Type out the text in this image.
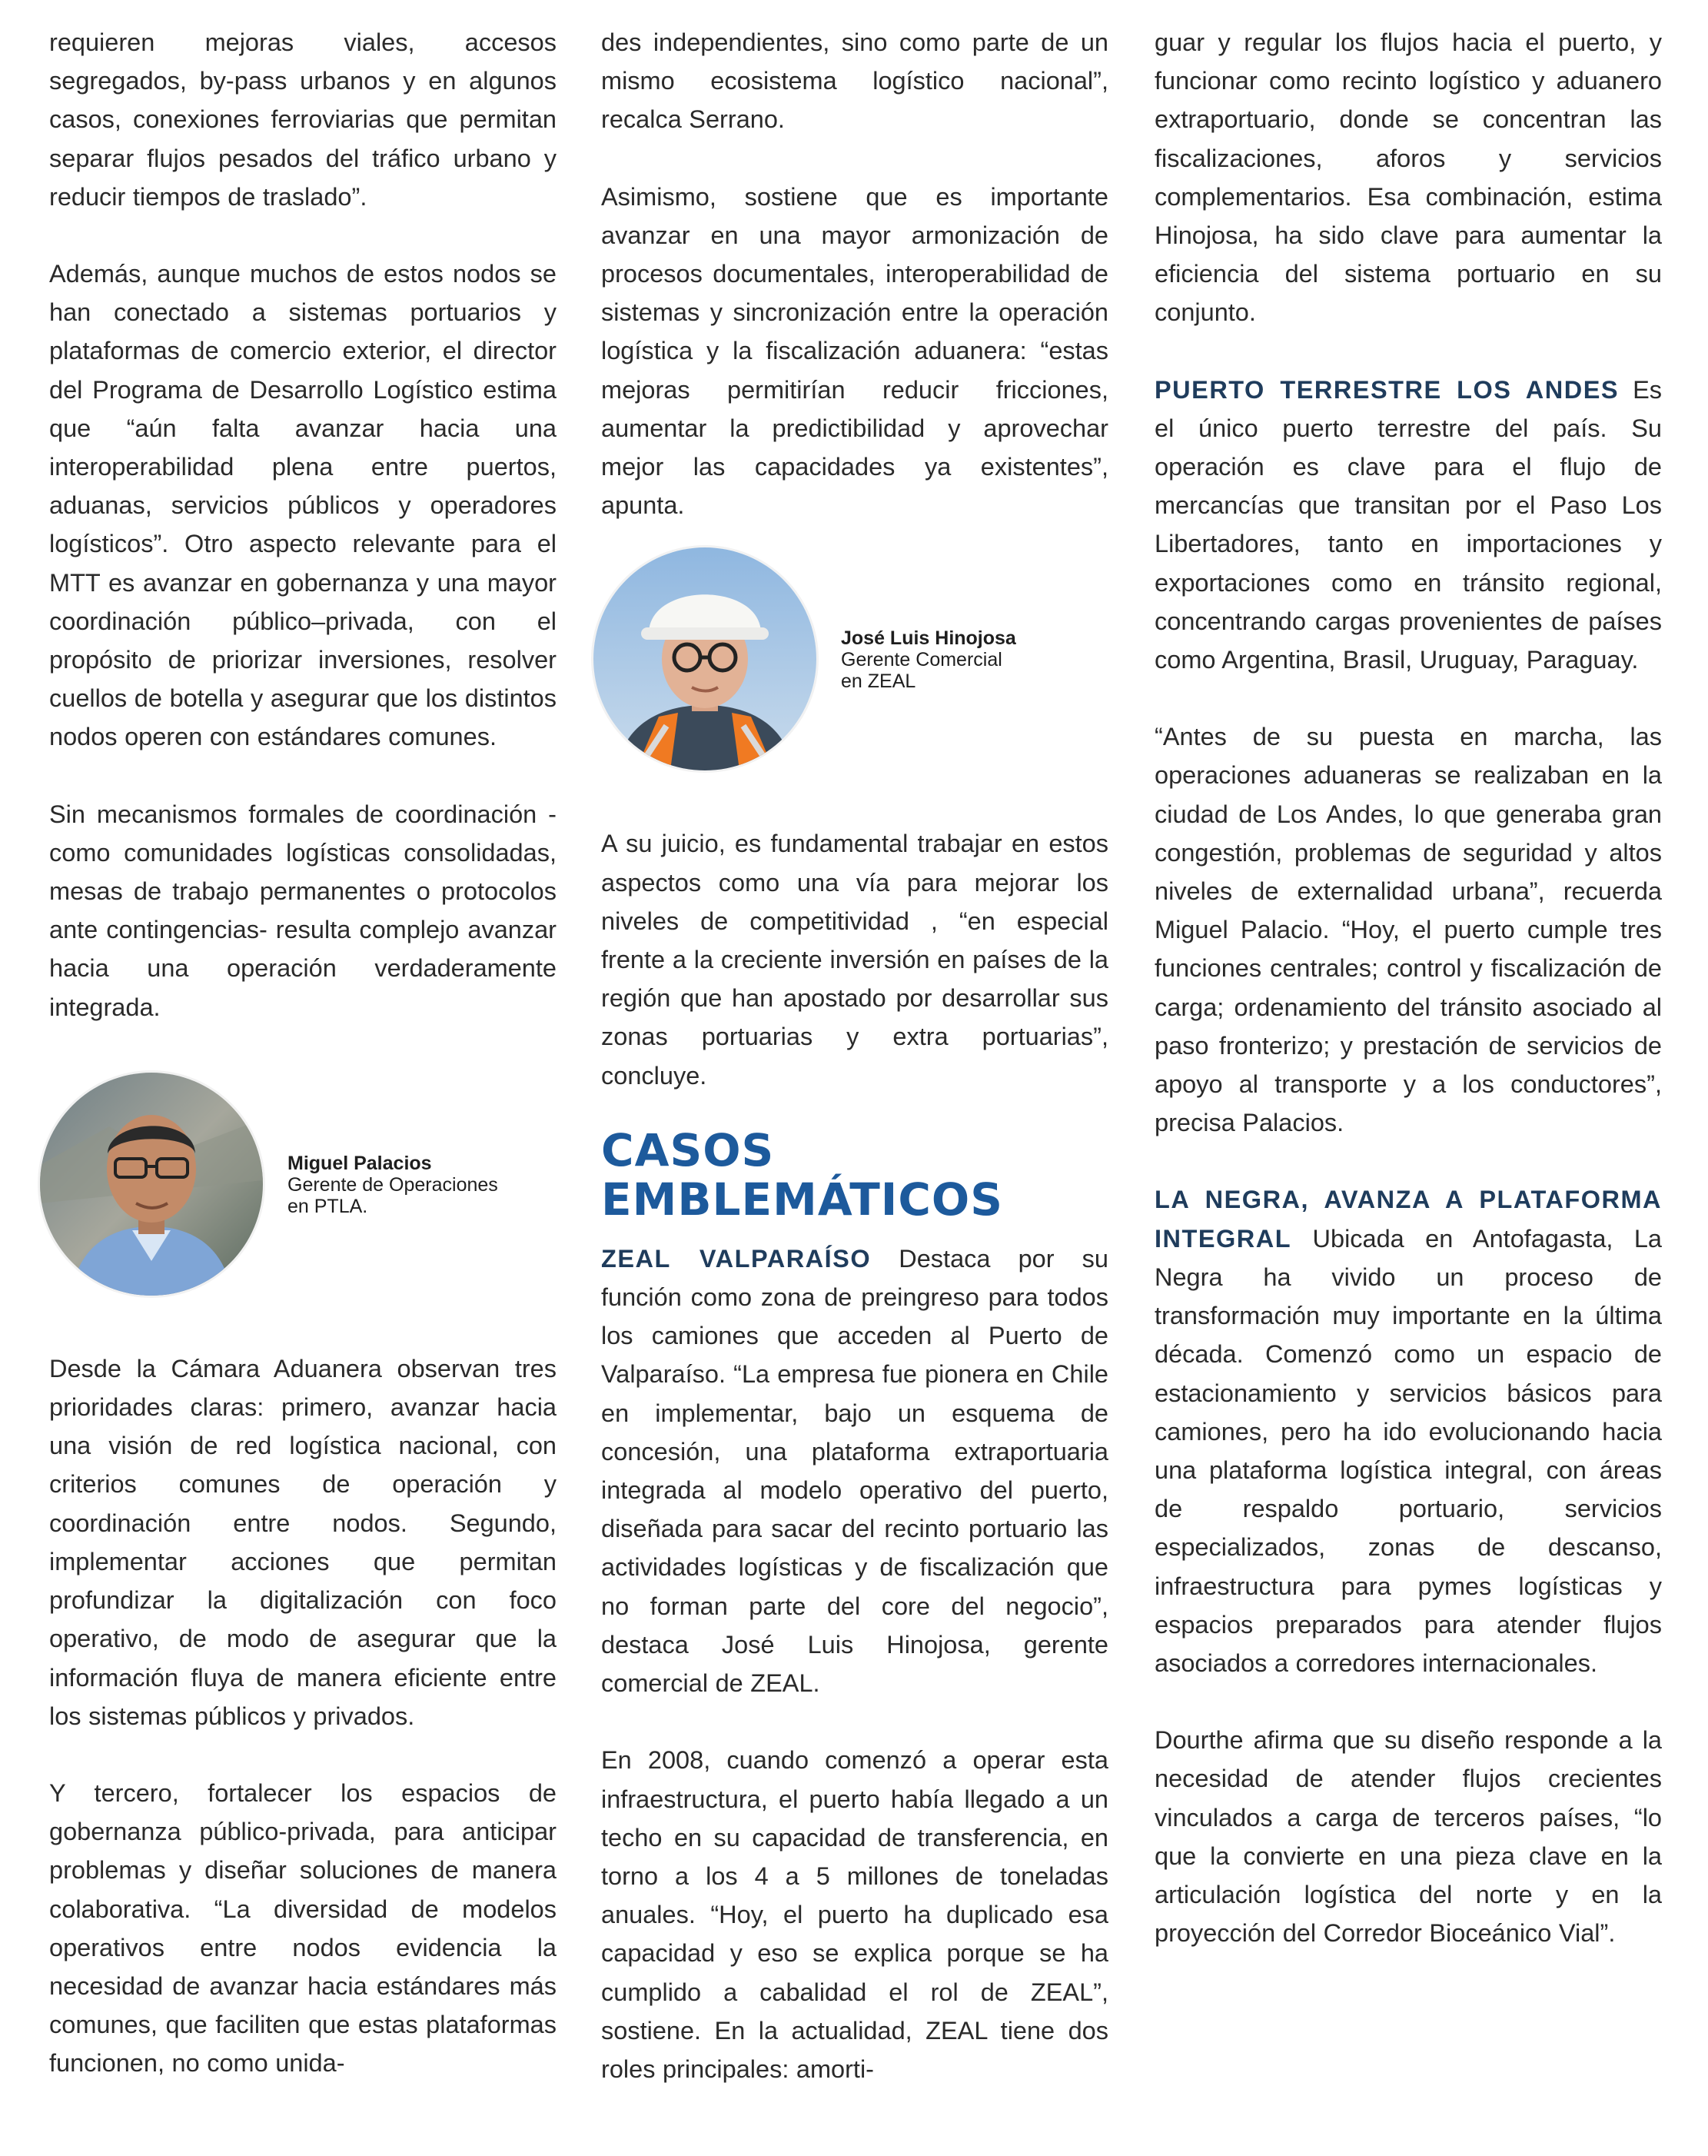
requieren mejoras viales, accesos segregados, by-pass urbanos y en algunos casos, conexiones ferroviarias que permitan separar flujos pesados del tráfico urbano y reducir tiempos de traslado”.

Además, aunque muchos de estos nodos se han conectado a sistemas portuarios y plataformas de comercio exterior, el director del Programa de Desarrollo Logístico estima que “aún falta avanzar hacia una interoperabilidad plena entre puertos, aduanas, servicios públicos y operadores logísticos”. Otro aspecto relevante para el MTT es avanzar en gobernanza y una mayor coordinación público–privada, con el propósito de priorizar inversiones, resolver cuellos de botella y asegurar que los distintos nodos operen con estándares comunes.

Sin mecanismos formales de coordinación -como comunidades logísticas consolidadas, mesas de trabajo permanentes o protocolos ante contingencias- resulta complejo avanzar hacia una operación verdaderamente integrada.

Miguel Palacios
Gerente de Operaciones
en PTLA.

Desde la Cámara Aduanera observan tres prioridades claras: primero, avanzar hacia una visión de red logística nacional, con criterios comunes de operación y coordinación entre nodos. Segundo, implementar acciones que permitan profundizar la digitalización con foco operativo, de modo de asegurar que la información fluya de manera eficiente entre los sistemas públicos y privados.

Y tercero, fortalecer los espacios de gobernanza público-privada, para anticipar problemas y diseñar soluciones de manera colaborativa. “La diversidad de modelos operativos entre nodos evidencia la necesidad de avanzar hacia estándares más comunes, que faciliten que estas plataformas funcionen, no como unida-

des independientes, sino como parte de un mismo ecosistema logístico nacional”, recalca Serrano.

Asimismo, sostiene que es importante avanzar en una mayor armonización de procesos documentales, interoperabilidad de sistemas y sincronización entre la operación logística y la fiscalización aduanera: “estas mejoras permitirían reducir fricciones, aumentar la predictibilidad y aprovechar mejor las capacidades ya existentes”, apunta.

José Luis Hinojosa
Gerente Comercial
en ZEAL

A su juicio, es fundamental trabajar en estos aspectos como una vía para mejorar los niveles de competitividad , “en especial frente a la creciente inversión en países de la región que han apostado por desarrollar sus zonas portuarias y extra portuarias”, concluye.

CASOS
EMBLEMÁTICOS

ZEAL VALPARAÍSO Destaca por su función como zona de preingreso para todos los camiones que acceden al Puerto de Valparaíso. “La empresa fue pionera en Chile en implementar, bajo un esquema de concesión, una plataforma extraportuaria integrada al modelo operativo del puerto, diseñada para sacar del recinto portuario las actividades logísticas y de fiscalización que no forman parte del core del negocio”, destaca José Luis Hinojosa, gerente comercial de ZEAL.

En 2008, cuando comenzó a operar esta infraestructura, el puerto había llegado a un techo en su capacidad de transferencia, en torno a los 4 a 5 millones de toneladas anuales. “Hoy, el puerto ha duplicado esa capacidad y eso se explica porque se ha cumplido a cabalidad el rol de ZEAL”, sostiene. En la actualidad, ZEAL tiene dos roles principales: amorti-

guar y regular los flujos hacia el puerto, y funcionar como recinto logístico y aduanero extraportuario, donde se concentran las fiscalizaciones, aforos y servicios complementarios. Esa combinación, estima Hinojosa, ha sido clave para aumentar la eficiencia del sistema portuario en su conjunto.

PUERTO TERRESTRE LOS ANDES Es el único puerto terrestre del país. Su operación es clave para el flujo de mercancías que transitan por el Paso Los Libertadores, tanto en importaciones y exportaciones como en tránsito regional, concentrando cargas provenientes de países como Argentina, Brasil, Uruguay, Paraguay.

“Antes de su puesta en marcha, las operaciones aduaneras se realizaban en la ciudad de Los Andes, lo que generaba gran congestión, problemas de seguridad y altos niveles de externalidad urbana”, recuerda Miguel Palacio. “Hoy, el puerto cumple tres funciones centrales; control y fiscalización de carga; ordenamiento del tránsito asociado al paso fronterizo; y prestación de servicios de apoyo al transporte y a los conductores”, precisa Palacios.

LA NEGRA, AVANZA A PLATAFORMA INTEGRAL Ubicada en Antofagasta, La Negra ha vivido un proceso de transformación muy importante en la última década. Comenzó como un espacio de estacionamiento y servicios básicos para camiones, pero ha ido evolucionando hacia una plataforma logística integral, con áreas de respaldo portuario, servicios especializados, zonas de descanso, infraestructura para pymes logísticas y espacios preparados para atender flujos asociados a corredores internacionales.

Dourthe afirma que su diseño responde a la necesidad de atender flujos crecientes vinculados a carga de terceros países, “lo que la convierte en una pieza clave en la articulación logística del norte y en la proyección del Corredor Bioceánico Vial”.
